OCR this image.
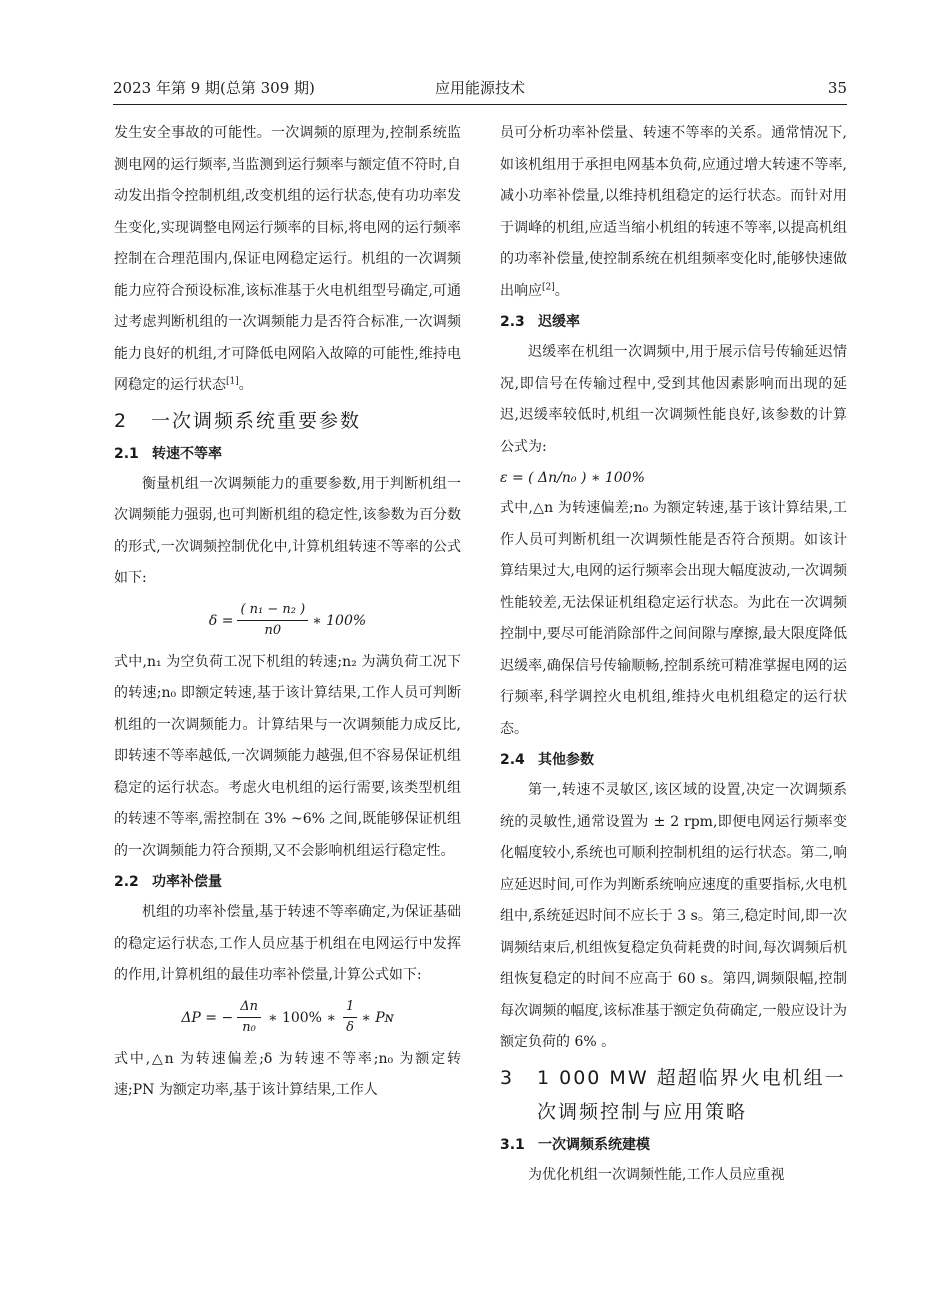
应用能源技术
2023 年第 9 期(总第 309 期)	35

发生安全事故的可能性。一次调频的原理为,控制系统监测电网的运行频率,当监测到运行频率与额定值不符时,自动发出指令控制机组,改变机组的运行状态,使有功功率发生变化,实现调整电网运行频率的目标,将电网的运行频率控制在合理范围内,保证电网稳定运行。机组的一次调频能力应符合预设标准,该标准基于火电机组型号确定,可通过考虑判断机组的一次调频能力是否符合标准,一次调频能力良好的机组,才可降低电网陷入故障的可能性,维持电网稳定的运行状态[1]。

2 一次调频系统重要参数
2.1 转速不等率

衡量机组一次调频能力的重要参数,用于判断机组一次调频能力强弱,也可判断机组的稳定性,该参数为百分数的形式,一次调频控制优化中,计算机组转速不等率的公式如下:

$\delta = \frac{\text{( n₁ − n₂ )}}{n0}$ ∗ 100%

式中,n₁ 为空负荷工况下机组的转速;n₂ 为满负荷工况下的转速;n₀ 即额定转速,基于该计算结果,工作人员可判断机组的一次调频能力。计算结果与一次调频能力成反比,即转速不等率越低,一次调频能力越强,但不容易保证机组稳定的运行状态。考虑火电机组的运行需要,该类型机组的转速不等率,需控制在 3% ~6% 之间,既能够保证机组的一次调频能力符合预期,又不会影响机组运行稳定性。

2.2 功率补偿量

机组的功率补偿量,基于转速不等率确定,为保证基础的稳定运行状态,工作人员应基于机组在电网运行中发挥的作用,计算机组的最佳功率补偿量,计算公式如下:

ΔP = − $\frac{\Delta n}{\text{n₀}}$ ∗ 100% ∗ $\frac{1}{\delta}$ ∗ Pɴ

式中,△n 为转速偏差;δ 为转速不等率;n₀ 为额定转速;PN 为额定功率,基于该计算结果,工作人

员可分析功率补偿量、转速不等率的关系。通常情况下,如该机组用于承担电网基本负荷,应通过增大转速不等率,减小功率补偿量,以维持机组稳定的运行状态。而针对用于调峰的机组,应适当缩小机组的转速不等率,以提高机组的功率补偿量,使控制系统在机组频率变化时,能够快速做出响应[2]。

2.3 迟缓率

迟缓率在机组一次调频中,用于展示信号传输延迟情况,即信号在传输过程中,受到其他因素影响而出现的延迟,迟缓率较低时,机组一次调频性能良好,该参数的计算公式为:

ε = ( Δn/n₀ ) ∗ 100%

式中,△n 为转速偏差;n₀ 为额定转速,基于该计算结果,工作人员可判断机组一次调频性能是否符合预期。如该计算结果过大,电网的运行频率会出现大幅度波动,一次调频性能较差,无法保证机组稳定运行状态。为此在一次调频控制中,要尽可能消除部件之间间隙与摩擦,最大限度降低迟缓率,确保信号传输顺畅,控制系统可精准掌握电网的运行频率,科学调控火电机组,维持火电机组稳定的运行状态。

2.4 其他参数

第一,转速不灵敏区,该区域的设置,决定一次调频系统的灵敏性,通常设置为 ± 2 rpm,即便电网运行频率变化幅度较小,系统也可顺利控制机组的运行状态。第二,响应延迟时间,可作为判断系统响应速度的重要指标,火电机组中,系统延迟时间不应长于 3 s。第三,稳定时间,即一次调频结束后,机组恢复稳定负荷耗费的时间,每次调频后机组恢复稳定的时间不应高于 60 s。第四,调频限幅,控制每次调频的幅度,该标准基于额定负荷确定,一般应设计为额定负荷的 6% 。

3 1 000 MW 超超临界火电机组一次调频控制与应用策略
3.1 一次调频系统建模

为优化机组一次调频性能,工作人员应重视
